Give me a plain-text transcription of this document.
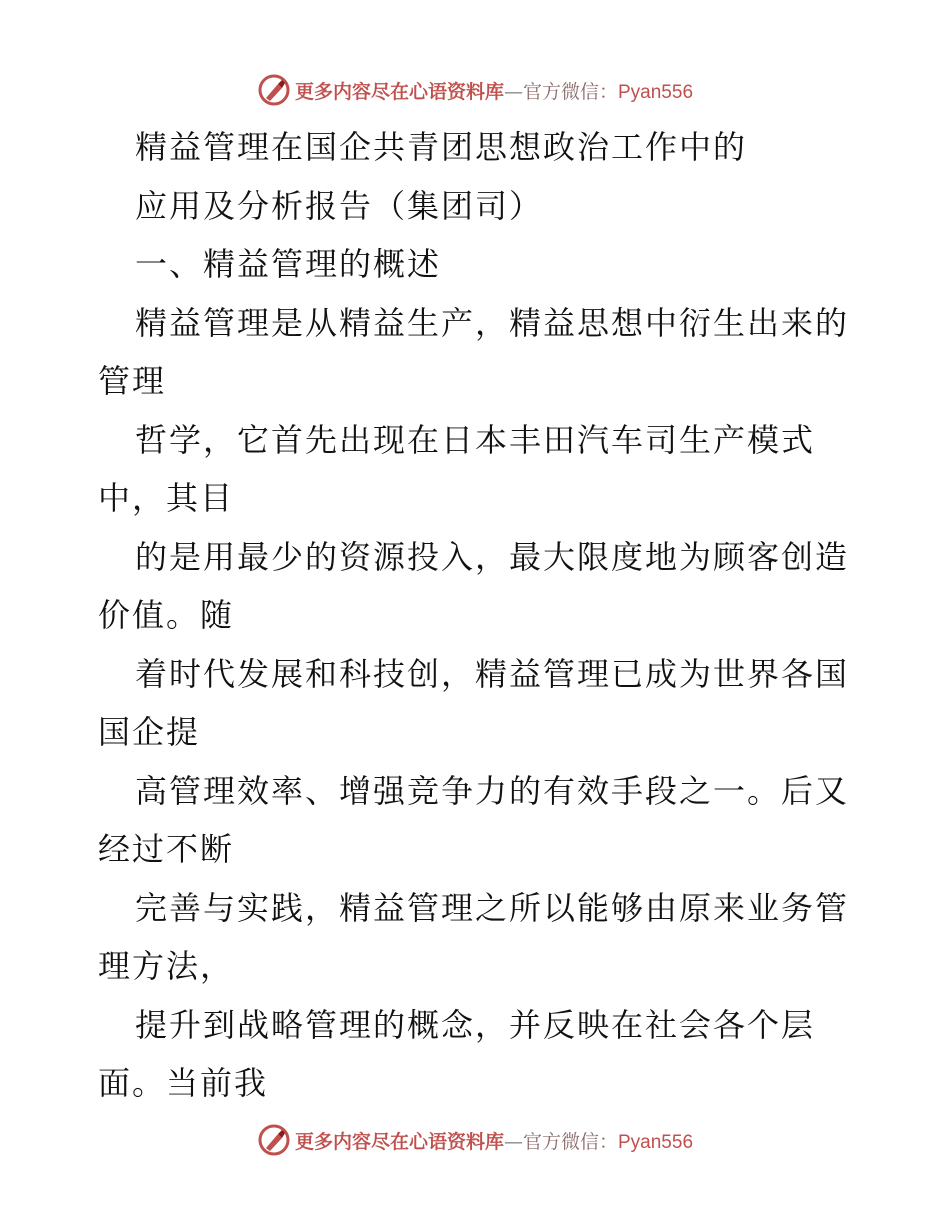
更多内容尽在心语资料库—官方微信：Pyan556
精益管理在国企共青团思想政治工作中的
应用及分析报告（集团司）
一、精益管理的概述
精益管理是从精益生产，精益思想中衍生出来的
管理
哲学，它首先出现在日本丰田汽车司生产模式
中，其目
的是用最少的资源投入，最大限度地为顾客创造
价值。随
着时代发展和科技创，精益管理已成为世界各国
国企提
高管理效率、增强竞争力的有效手段之一。后又
经过不断
完善与实践，精益管理之所以能够由原来业务管
理方法，
提升到战略管理的概念，并反映在社会各个层
面。当前我
更多内容尽在心语资料库—官方微信：Pyan556
